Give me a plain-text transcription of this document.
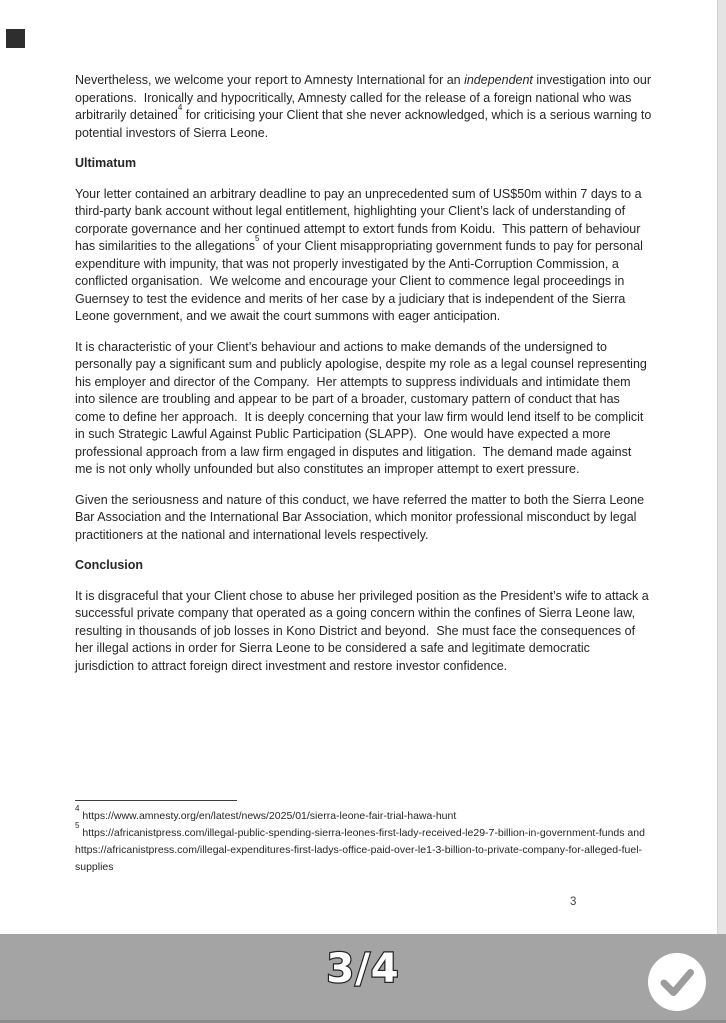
Nevertheless, we welcome your report to Amnesty International for an independent investigation into our operations.  Ironically and hypocritically, Amnesty called for the release of a foreign national who was arbitrarily detained$^4$ for criticising your Client that she never acknowledged, which is a serious warning to potential investors of Sierra Leone.

Ultimatum

Your letter contained an arbitrary deadline to pay an unprecedented sum of US$50m within 7 days to a third-party bank account without legal entitlement, highlighting your Client’s lack of understanding of corporate governance and her continued attempt to extort funds from Koidu.  This pattern of behaviour has similarities to the allegations$^5$ of your Client misappropriating government funds to pay for personal expenditure with impunity, that was not properly investigated by the Anti-Corruption Commission, a conflicted organisation.  We welcome and encourage your Client to commence legal proceedings in Guernsey to test the evidence and merits of her case by a judiciary that is independent of the Sierra Leone government, and we await the court summons with eager anticipation.

It is characteristic of your Client’s behaviour and actions to make demands of the undersigned to personally pay a significant sum and publicly apologise, despite my role as a legal counsel representing his employer and director of the Company.  Her attempts to suppress individuals and intimidate them into silence are troubling and appear to be part of a broader, customary pattern of conduct that has come to define her approach.  It is deeply concerning that your law firm would lend itself to be complicit in such Strategic Lawful Against Public Participation (SLAPP).  One would have expected a more professional approach from a law firm engaged in disputes and litigation.  The demand made against me is not only wholly unfounded but also constitutes an improper attempt to exert pressure.

Given the seriousness and nature of this conduct, we have referred the matter to both the Sierra Leone Bar Association and the International Bar Association, which monitor professional misconduct by legal practitioners at the national and international levels respectively.

Conclusion

It is disgraceful that your Client chose to abuse her privileged position as the President’s wife to attack a successful private company that operated as a going concern within the confines of Sierra Leone law, resulting in thousands of job losses in Kono District and beyond.  She must face the consequences of her illegal actions in order for Sierra Leone to be considered a safe and legitimate democratic jurisdiction to attract foreign direct investment and restore investor confidence.

$^4$ https://www.amnesty.org/en/latest/news/2025/01/sierra-leone-fair-trial-hawa-hunt

$^5$ https://africanistpress.com/illegal-public-spending-sierra-leones-first-lady-received-le29-7-billion-in-government-funds and https://africanistpress.com/illegal-expenditures-first-ladys-office-paid-over-le1-3-billion-to-private-company-for-alleged-fuel-supplies

3
3/4
